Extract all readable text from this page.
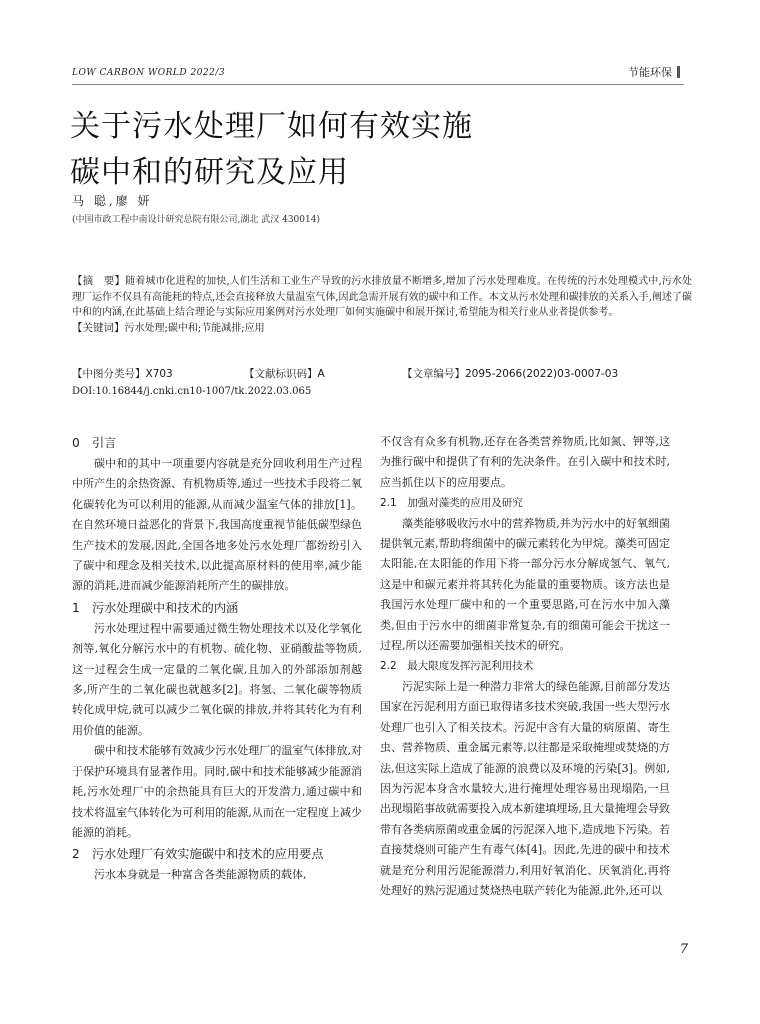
LOW CARBON WORLD 2022/3	节能环保
关于污水处理厂如何有效实施
碳中和的研究及应用
马 聪,廖 妍
(中国市政工程中南设计研究总院有限公司,湖北 武汉 430014)
【摘　要】随着城市化进程的加快,人们生活和工业生产导致的污水排放量不断增多,增加了污水处理难度。在传统的污水处理模式中,污水处理厂运作不仅具有高能耗的特点,还会直接释放大量温室气体,因此急需开展有效的碳中和工作。本文从污水处理和碳排放的关系入手,阐述了碳中和的内涵,在此基础上结合理论与实际应用案例对污水处理厂如何实施碳中和展开探讨,希望能为相关行业从业者提供参考。
【关键词】污水处理;碳中和;节能减排;应用
【中图分类号】X703	【文献标识码】A	【文章编号】2095-2066(2022)03-0007-03
DOI:10.16844/j.cnki.cn10-1007/tk.2022.03.065
0　引言

碳中和的其中一项重要内容就是充分回收利用生产过程中所产生的余热资源、有机物质等,通过一些技术手段将二氧化碳转化为可以利用的能源,从而减少温室气体的排放[1]。在自然环境日益恶化的背景下,我国高度重视节能低碳型绿色生产技术的发展,因此,全国各地多处污水处理厂都纷纷引入了碳中和理念及相关技术,以此提高原材料的使用率,减少能源的消耗,进而减少能源消耗所产生的碳排放。

1　污水处理碳中和技术的内涵

污水处理过程中需要通过微生物处理技术以及化学氧化剂等,氧化分解污水中的有机物、硫化物、亚硝酸盐等物质,这一过程会生成一定量的二氧化碳,且加入的外部添加剂越多,所产生的二氧化碳也就越多[2]。将氢、二氧化碳等物质转化成甲烷,就可以减少二氧化碳的排放,并将其转化为有利用价值的能源。

碳中和技术能够有效减少污水处理厂的温室气体排放,对于保护环境具有显著作用。同时,碳中和技术能够减少能源消耗,污水处理厂中的余热能具有巨大的开发潜力,通过碳中和技术将温室气体转化为可利用的能源,从而在一定程度上减少能源的消耗。

2　污水处理厂有效实施碳中和技术的应用要点

污水本身就是一种富含各类能源物质的载体,

不仅含有众多有机物,还存在各类营养物质,比如氮、钾等,这为推行碳中和提供了有利的先决条件。在引入碳中和技术时,应当抓住以下的应用要点。

2.1　加强对藻类的应用及研究

藻类能够吸收污水中的营养物质,并为污水中的好氧细菌提供氧元素,帮助将细菌中的碳元素转化为甲烷。藻类可固定太阳能,在太阳能的作用下将一部分污水分解成氢气、氧气,这是中和碳元素并将其转化为能量的重要物质。该方法也是我国污水处理厂碳中和的一个重要思路,可在污水中加入藻类,但由于污水中的细菌非常复杂,有的细菌可能会干扰这一过程,所以还需要加强相关技术的研究。

2.2　最大限度发挥污泥利用技术

污泥实际上是一种潜力非常大的绿色能源,目前部分发达国家在污泥利用方面已取得诸多技术突破,我国一些大型污水处理厂也引入了相关技术。污泥中含有大量的病原菌、寄生虫、营养物质、重金属元素等,以往都是采取掩埋或焚烧的方法,但这实际上造成了能源的浪费以及环境的污染[3]。例如,因为污泥本身含水量较大,进行掩埋处理容易出现塌陷,一旦出现塌陷事故就需要投入成本新建填埋场,且大量掩埋会导致带有各类病原菌或重金属的污泥深入地下,造成地下污染。若直接焚烧则可能产生有毒气体[4]。因此,先进的碳中和技术就是充分利用污泥能源潜力,利用好氧消化、厌氧消化,再将处理好的熟污泥通过焚烧热电联产转化为能源,此外,还可以

7
